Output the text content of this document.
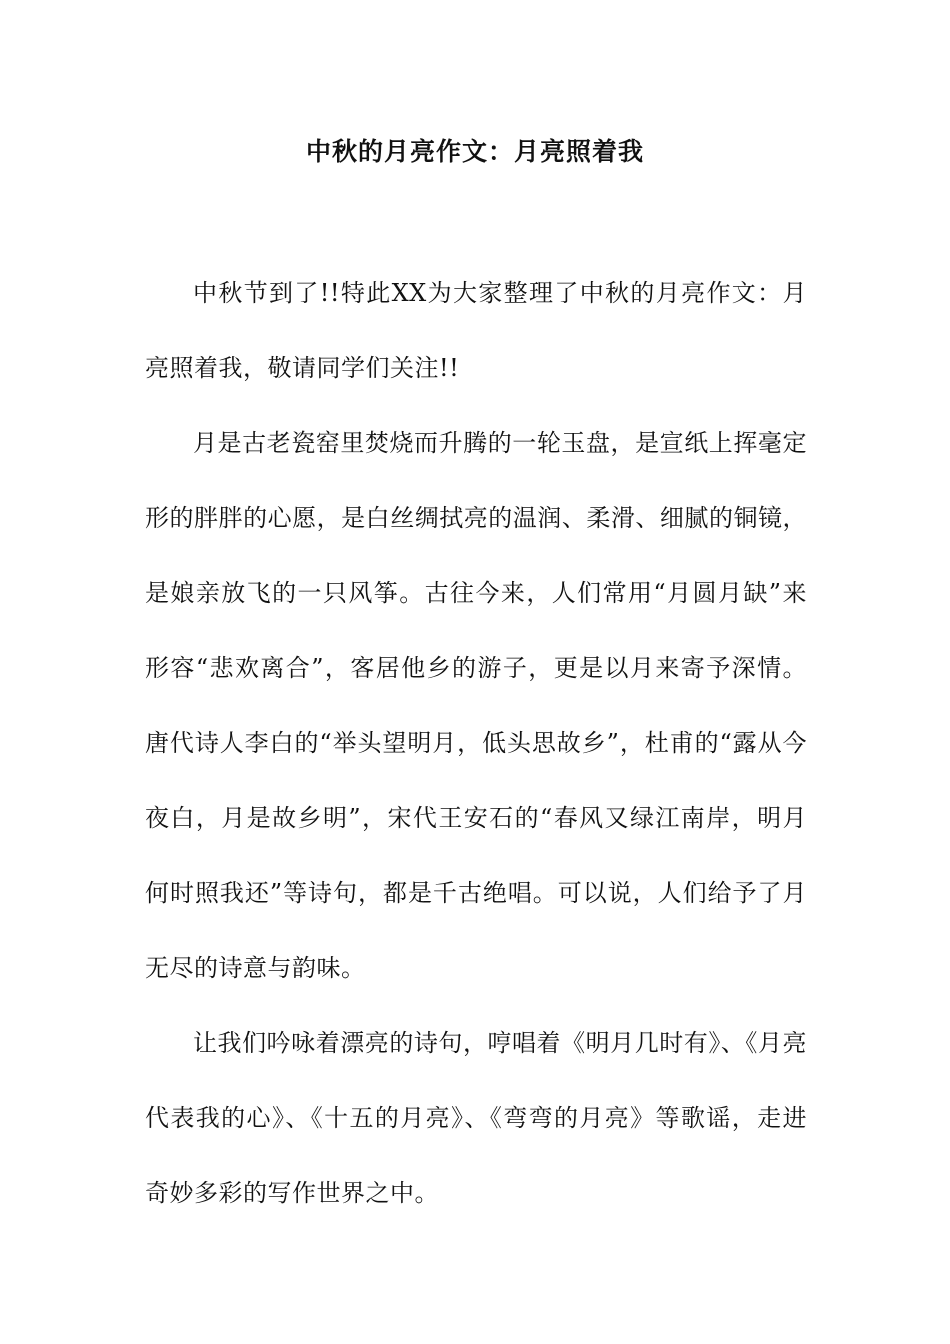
中秋的月亮作文：月亮照着我

中秋节到了!!特此XX为大家整理了中秋的月亮作文：月亮照着我，敬请同学们关注!!

月是古老瓷窑里焚烧而升腾的一轮玉盘，是宣纸上挥毫定形的胖胖的心愿，是白丝绸拭亮的温润、柔滑、细腻的铜镜，是娘亲放飞的一只风筝。古往今来，人们常用“月圆月缺”来形容“悲欢离合”，客居他乡的游子，更是以月来寄予深情。唐代诗人李白的“举头望明月，低头思故乡”，杜甫的“露从今夜白，月是故乡明”，宋代王安石的“春风又绿江南岸，明月何时照我还”等诗句，都是千古绝唱。可以说，人们给予了月无尽的诗意与韵味。

让我们吟咏着漂亮的诗句，哼唱着《明月几时有》、《月亮代表我的心》、《十五的月亮》、《弯弯的月亮》等歌谣，走进奇妙多彩的写作世界之中。
